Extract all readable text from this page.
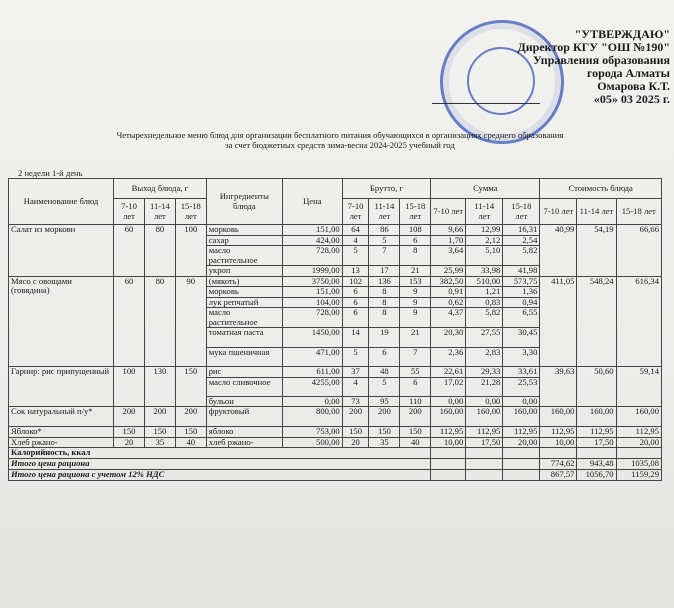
"УТВЕРЖДАЮ"
Директор КГУ "ОШ №190"
Управления образования
города Алматы
Омарова К.Т.
«05» 03 2025 г.
Четырехнедельное меню блюд для организации бесплатного питания обучающихся в организациях среднего образования
за счет бюджетных средств зима-весна 2024-2025 учебный год
2 недели 1-й день
Наименование блюд	Выход блюда, г			Ингредиенты блюда	Цена	Брутто, г			Сумма			Стоимость блюда		
	7-10 лет	11-14 лет	15-18 лет			7-10 лет	11-14 лет	15-18 лет	7-10 лет	11-14 лет	15-18 лет	7-10 лет	11-14 лет	15-18 лет
Салат из морковн	60	80	100	морковь	151,00	64	86	108	9,66	12,99	16,31	40,99	54,19	66,66
				сахар	424,00	4	5	6	1,70	2,12	2,54			
				масло растительное	728,00	5	7	8	3,64	5,10	5,82			
				укроп	1999,00	13	17	21	25,99	33,98	41,98			
Мясо с овощами (говядина)	60	80	90	(мякоть)	3750,00	102	136	153	382,50	510,00	573,75	411,05	548,24	616,34
				морковь	151,00	6	8	9	0,91	1,21	1,36			
				лук репчатый	104,00	6	8	9	0,62	0,83	0,94			
				масло растительное	728,00	6	8	9	4,37	5,82	6,55			
				томатная паста	1450,00	14	19	21	20,30	27,55	30,45			
				мука пшеничная	471,00	5	6	7	2,36	2,83	3,30			
Гарнир: рис припущенный	100	130	150	рис	611,00	37	48	55	22,61	29,33	33,61	39,63	50,60	59,14
				масло сливочное	4255,00	4	5	6	17,02	21,28	25,53			
				бульон	0,00	73	95	110	0,00	0,00	0,00			
Сок натуральный п/у*	200	200	200	фруктовый	800,00	200	200	200	160,00	160,00	160,00	160,00	160,00	160,00
Яблоко*	150	150	150	яблоко	753,00	150	150	150	112,95	112,95	112,95	112,95	112,95	112,95
Хлеб ржано-	20	35	40	хлеб ржано-	500,00	20	35	40	10,00	17,50	20,00	10,00	17,50	20,00
Калорийность, ккал														
Итого цена рациона												774,62	943,48	1035,08
Итого цена рациона с учетом 12% НДС												867,57	1056,70	1159,29
